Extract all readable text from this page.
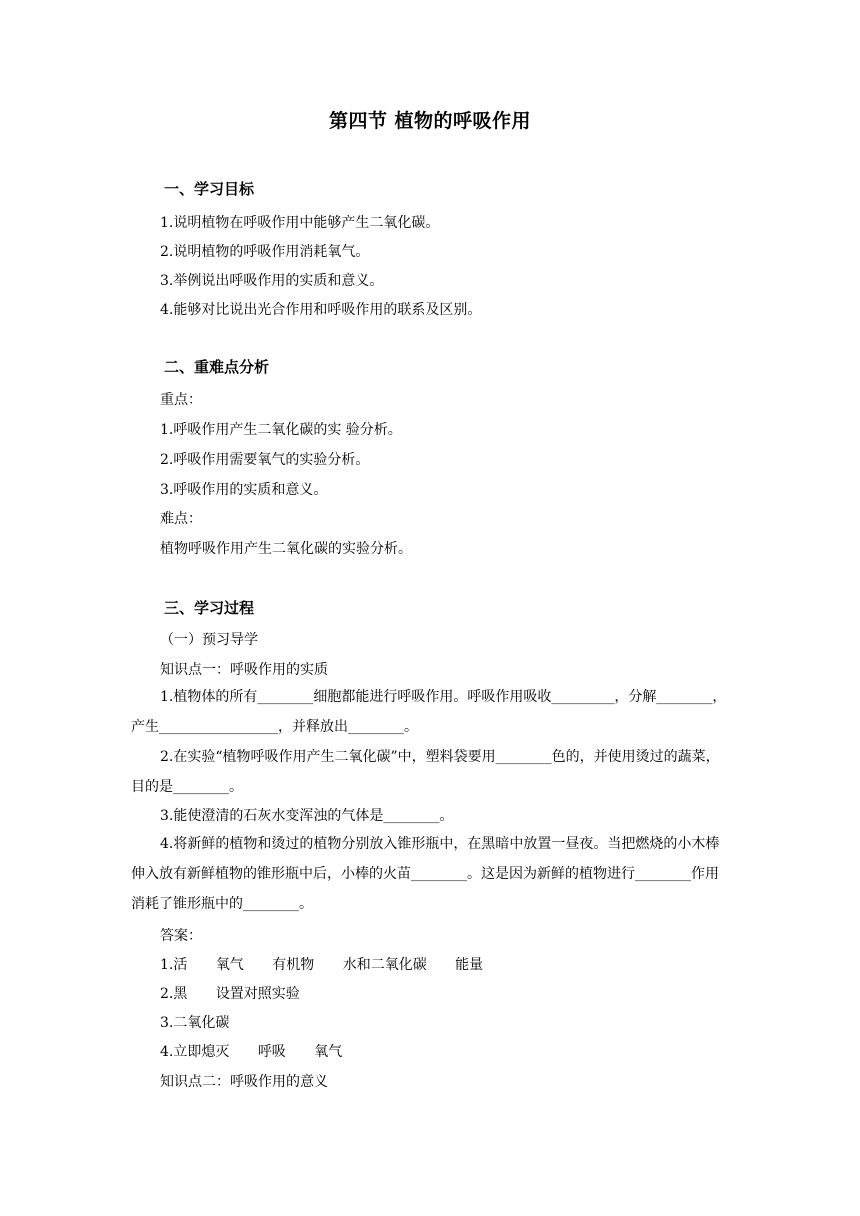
第四节 植物的呼吸作用
一、学习目标
1.说明植物在呼吸作用中能够产生二氧化碳。
2.说明植物的呼吸作用消耗氧气。
3.举例说出呼吸作用的实质和意义。
4.能够对比说出光合作用和呼吸作用的联系及区别。
二、重难点分析
重点：
1.呼吸作用产生二氧化碳的实 验分析。
2.呼吸作用需要氧气的实验分析。
3.呼吸作用的实质和意义。
难点：
植物呼吸作用产生二氧化碳的实验分析。
三、学习过程
（一）预习导学
知识点一：呼吸作用的实质
1.植物体的所有________细胞都能进行呼吸作用。呼吸作用吸收_________，分解________，产生_________________，并释放出________。
2.在实验“植物呼吸作用产生二氧化碳”中，塑料袋要用________色的，并使用烫过的蔬菜，目的是________。
3.能使澄清的石灰水变浑浊的气体是________。
4.将新鲜的植物和烫过的植物分别放入锥形瓶中，在黑暗中放置一昼夜。当把燃烧的小木棒伸入放有新鲜植物的锥形瓶中后，小棒的火苗________。这是因为新鲜的植物进行________作用消耗了锥形瓶中的________。
答案：
1.活 氧气 有机物 水和二氧化碳 能量
2.黑 设置对照实验
3.二氧化碳
4.立即熄灭 呼吸 氧气
知识点二：呼吸作用的意义
